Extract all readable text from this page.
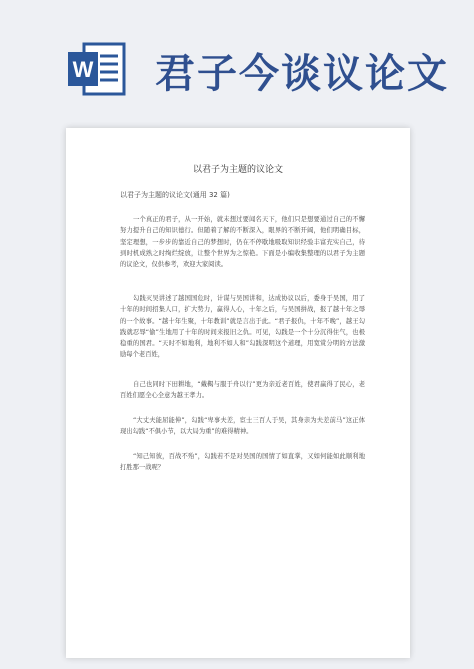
W 君子今谈议论文
以君子为主题的议论文
以君子为主题的议论文(通用 32 篇)

一个真正的君子，从一开始，就未想过要闻名天下，他们只是想要通过自己的不懈努力提升自己的知识德行。但随着了解的不断深入，眼界的不断开阔，他们明确目标，坚定理想，一步步的靠近自己的梦想时，仍在不停歇地吸取知识经验丰富充实自己，待到时机成熟之时绚烂绽放，让整个世界为之惊艳。下面是小编收集整理的以君子为主题的议论文，仅供参考，欢迎大家阅读。

勾践灭吴讲述了越国国危时，计谋与吴国讲和，达成协议以后，委身于吴国，用了十年的时间招集人口，扩大势力，赢得人心，十年之后，与吴国拼战，报了越十年之辱的一个故事。“越十年生聚，十年教训”就是言出于此。“君子报仇，十年不晚”，越王勾践就忍辱“偷”生地用了十年的时间来报旧之仇。可见，勾践是一个十分沉得住气，也极稳重的国君。“天时不如地利，地利不如人和”勾践深明这个道理，用宽赏分明的方法激励每个老百姓，

自己也同时下田耕地，“戴鞨与服于舟以行”更为亲近老百姓，使君赢得了民心，老百姓们愿全心全意为越王孝力。

“大丈夫能屈能伸”，勾践“卑事夫差，宦士三百人于吴，其身亲为夫差前马”这正体现出勾践“不俱小节，以大局为重”的难得精神。

“知己知彼，百战不殆”，勾践若不是对吴国的国情了如直掌，又如何能如此顺利地打胜那一战呢？
